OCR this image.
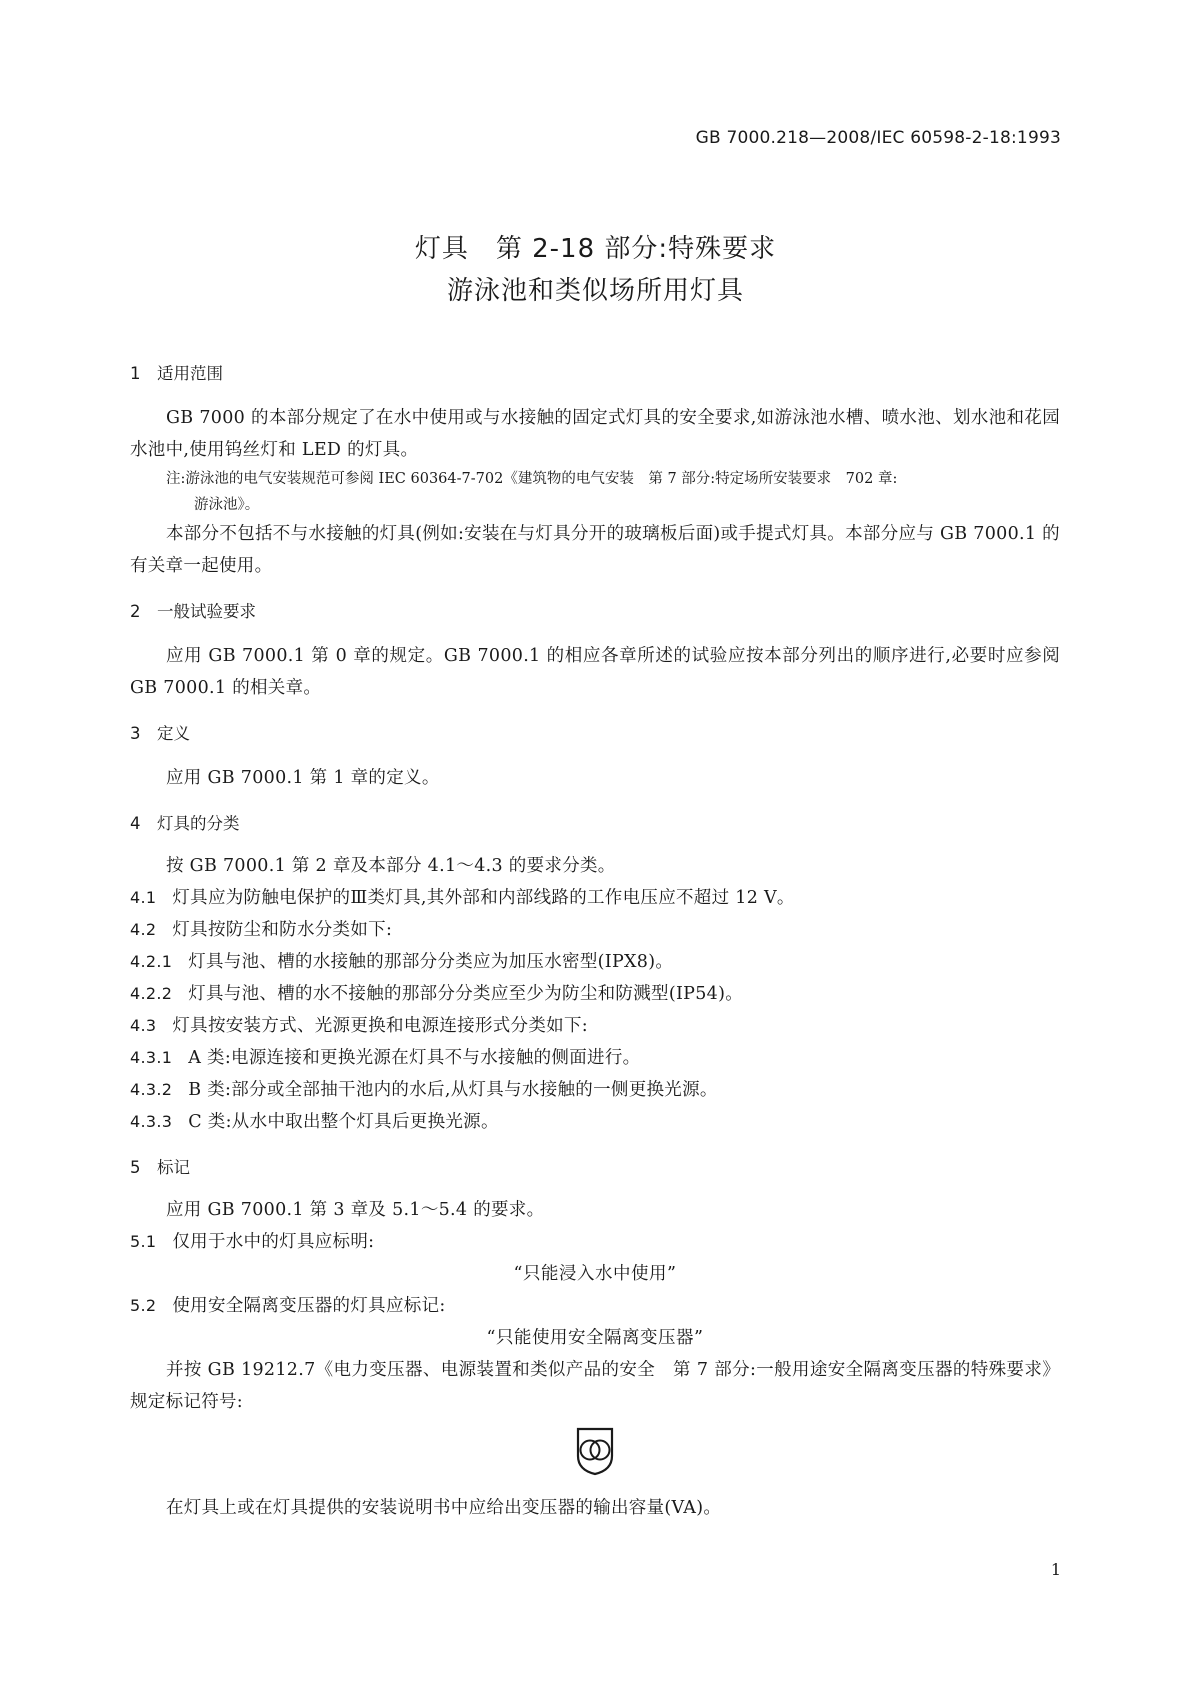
GB 7000.218—2008/IEC 60598-2-18:1993
灯具　第 2-18 部分:特殊要求
游泳池和类似场所用灯具
1　适用范围

GB 7000 的本部分规定了在水中使用或与水接触的固定式灯具的安全要求,如游泳池水槽、喷水池、划水池和花园水池中,使用钨丝灯和 LED 的灯具。

注:游泳池的电气安装规范可参阅 IEC 60364-7-702《建筑物的电气安装　第 7 部分:特定场所安装要求　702 章:
游泳池》。

本部分不包括不与水接触的灯具(例如:安装在与灯具分开的玻璃板后面)或手提式灯具。本部分应与 GB 7000.1 的有关章一起使用。

2　一般试验要求

应用 GB 7000.1 第 0 章的规定。GB 7000.1 的相应各章所述的试验应按本部分列出的顺序进行,必要时应参阅 GB 7000.1 的相关章。

3　定义

应用 GB 7000.1 第 1 章的定义。

4　灯具的分类

按 GB 7000.1 第 2 章及本部分 4.1～4.3 的要求分类。

4.1 灯具应为防触电保护的Ⅲ类灯具,其外部和内部线路的工作电压应不超过 12 V。
4.2 灯具按防尘和防水分类如下:
4.2.1 灯具与池、槽的水接触的那部分分类应为加压水密型(IPX8)。
4.2.2 灯具与池、槽的水不接触的那部分分类应至少为防尘和防溅型(IP54)。
4.3 灯具按安装方式、光源更换和电源连接形式分类如下:
4.3.1 A 类:电源连接和更换光源在灯具不与水接触的侧面进行。
4.3.2 B 类:部分或全部抽干池内的水后,从灯具与水接触的一侧更换光源。
4.3.3 C 类:从水中取出整个灯具后更换光源。
5　标记

应用 GB 7000.1 第 3 章及 5.1～5.4 的要求。

5.1 仅用于水中的灯具应标明:
“只能浸入水中使用”
5.2 使用安全隔离变压器的灯具应标记:
“只能使用安全隔离变压器”

并按 GB 19212.7《电力变压器、电源装置和类似产品的安全　第 7 部分:一般用途安全隔离变压器的特殊要求》规定标记符号:

在灯具上或在灯具提供的安装说明书中应给出变压器的输出容量(VA)。

1
